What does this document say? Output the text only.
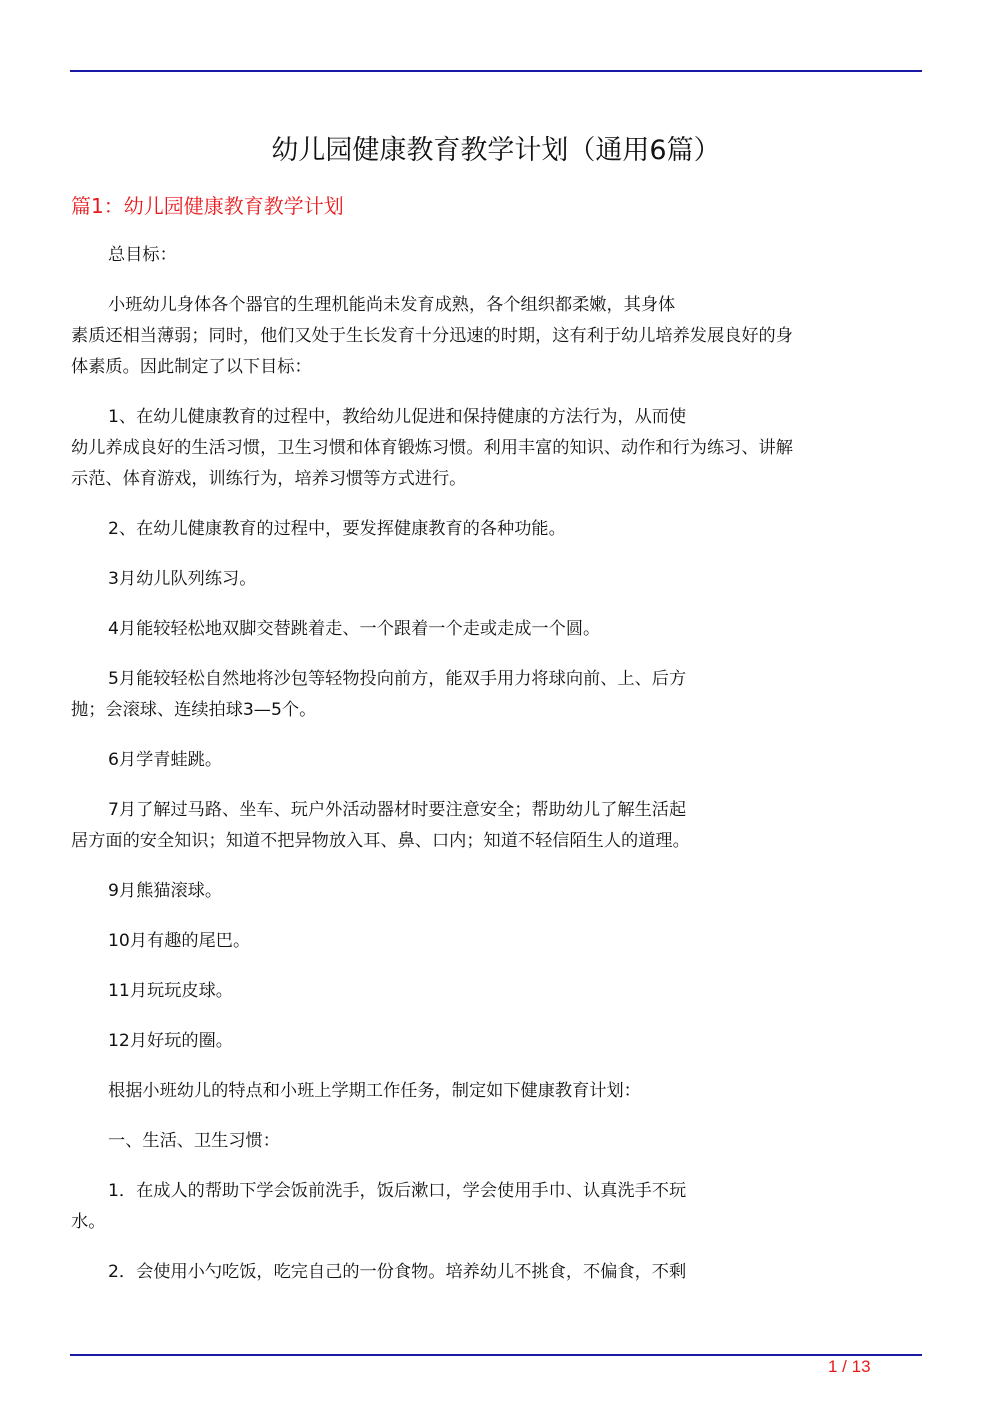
幼儿园健康教育教学计划（通用6篇）
篇1：幼儿园健康教育教学计划
总目标：
小班幼儿身体各个器官的生理机能尚未发育成熟，各个组织都柔嫩，其身体
素质还相当薄弱；同时，他们又处于生长发育十分迅速的时期，这有利于幼儿培养发展良好的身
体素质。因此制定了以下目标：
1、在幼儿健康教育的过程中，教给幼儿促进和保持健康的方法行为，从而使
幼儿养成良好的生活习惯，卫生习惯和体育锻炼习惯。利用丰富的知识、动作和行为练习、讲解
示范、体育游戏，训练行为，培养习惯等方式进行。
2、在幼儿健康教育的过程中，要发挥健康教育的各种功能。
3月幼儿队列练习。
4月能较轻松地双脚交替跳着走、一个跟着一个走或走成一个圆。
5月能较轻松自然地将沙包等轻物投向前方，能双手用力将球向前、上、后方
抛；会滚球、连续拍球3—5个。
6月学青蛙跳。
7月了解过马路、坐车、玩户外活动器材时要注意安全；帮助幼儿了解生活起
居方面的安全知识；知道不把异物放入耳、鼻、口内；知道不轻信陌生人的道理。
9月熊猫滚球。
10月有趣的尾巴。
11月玩玩皮球。
12月好玩的圈。
根据小班幼儿的特点和小班上学期工作任务，制定如下健康教育计划：
一、生活、卫生习惯：
1．在成人的帮助下学会饭前洗手，饭后漱口，学会使用手巾、认真洗手不玩
水。
2．会使用小勺吃饭，吃完自己的一份食物。培养幼儿不挑食，不偏食，不剩
1 / 13
